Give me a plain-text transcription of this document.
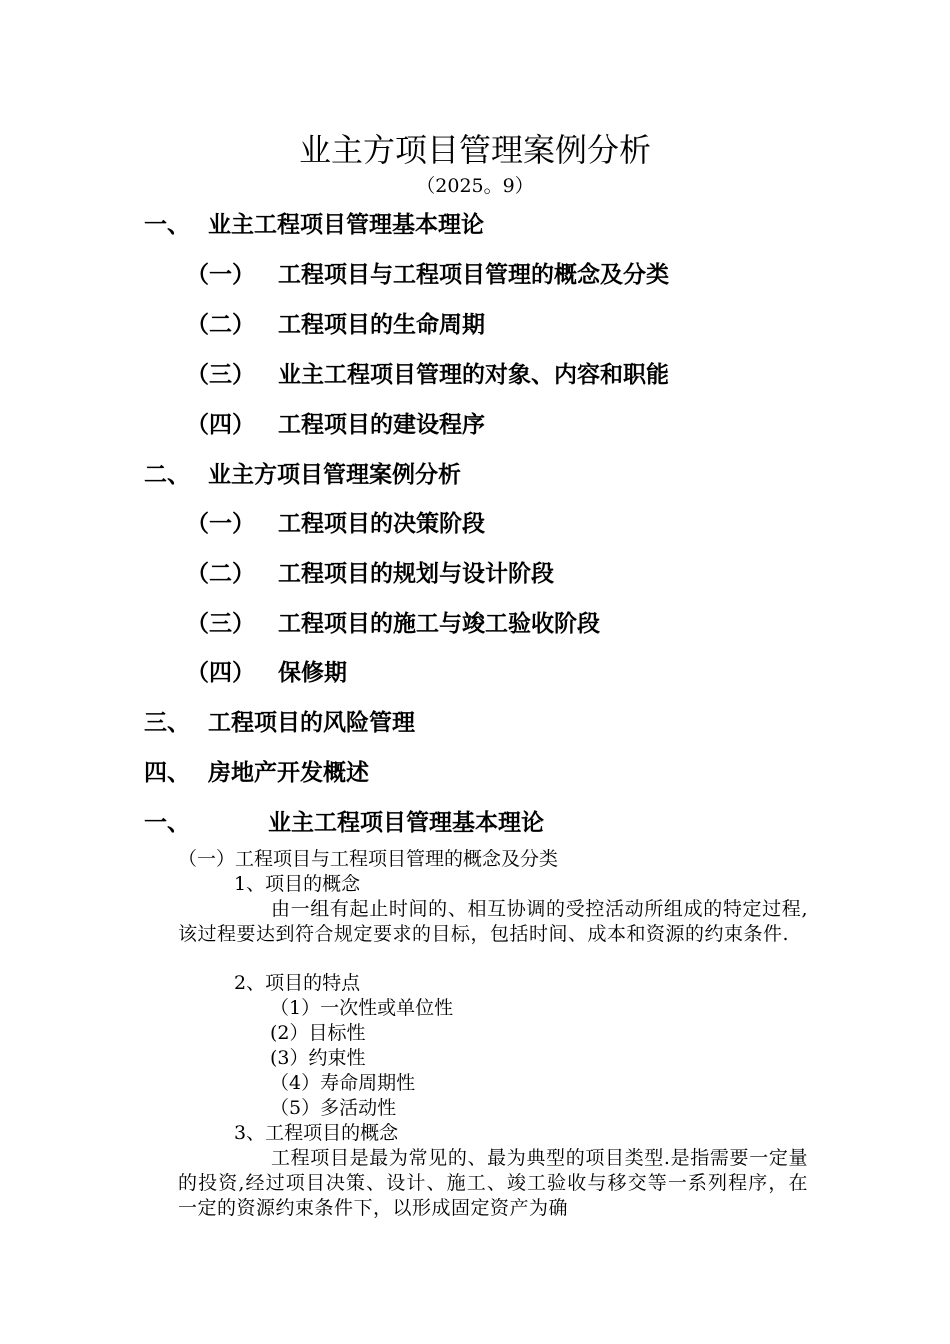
业主方项目管理案例分析
（2025。9）
一、 业主工程项目管理基本理论
（一） 工程项目与工程项目管理的概念及分类
（二） 工程项目的生命周期
（三） 业主工程项目管理的对象、内容和职能
（四） 工程项目的建设程序
二、 业主方项目管理案例分析
（一） 工程项目的决策阶段
（二） 工程项目的规划与设计阶段
（三） 工程项目的施工与竣工验收阶段
（四） 保修期
三、 工程项目的风险管理
四、 房地产开发概述
一、	业主工程项目管理基本理论
（一）工程项目与工程项目管理的概念及分类
1、项目的概念
由一组有起止时间的、相互协调的受控活动所组成的特定过程,该过程要达到符合规定要求的目标，包括时间、成本和资源的约束条件.
2、项目的特点
（1）一次性或单位性
(2）目标性
(3）约束性
（4）寿命周期性
（5）多活动性
3、工程项目的概念
工程项目是最为常见的、最为典型的项目类型.是指需要一定量的投资,经过项目决策、设计、施工、竣工验收与移交等一系列程序，在一定的资源约束条件下，以形成固定资产为确
